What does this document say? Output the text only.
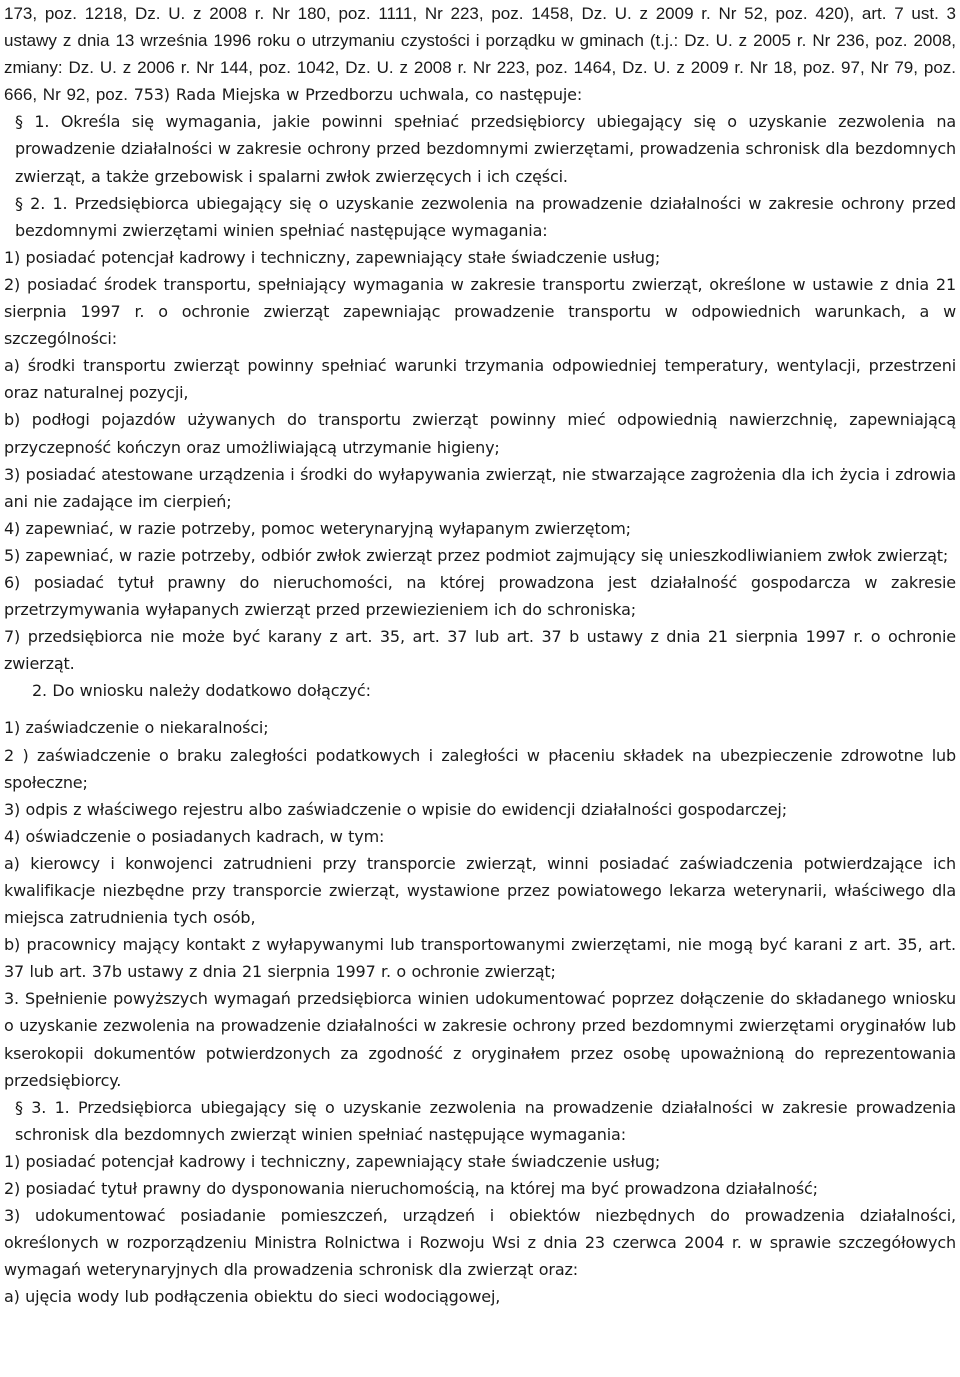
173, poz. 1218, Dz. U. z 2008 r. Nr 180, poz. 1111, Nr 223, poz. 1458, Dz. U. z 2009 r. Nr 52, poz. 420), art. 7 ust. 3 ustawy z dnia 13 września 1996 roku o utrzymaniu czystości i porządku w gminach (t.j.: Dz. U. z 2005 r. Nr 236, poz. 2008, zmiany: Dz. U. z 2006 r. Nr 144, poz. 1042, Dz. U. z 2008 r. Nr 223, poz. 1464, Dz. U. z 2009 r. Nr 18, poz. 97, Nr 79, poz. 666, Nr 92, poz. 753) Rada Miejska w Przedborzu uchwala, co następuje:

§ 1. Określa się wymagania, jakie powinni spełniać przedsiębiorcy ubiegający się o uzyskanie zezwolenia na prowadzenie działalności w zakresie ochrony przed bezdomnymi zwierzętami, prowadzenia schronisk dla bezdomnych zwierząt, a także grzebowisk i spalarni zwłok zwierzęcych i ich części.

§ 2. 1. Przedsiębiorca ubiegający się o uzyskanie zezwolenia na prowadzenie działalności w zakresie ochrony przed bezdomnymi zwierzętami winien spełniać następujące wymagania:

1) posiadać potencjał kadrowy i techniczny, zapewniający stałe świadczenie usług;

2) posiadać środek transportu, spełniający wymagania w zakresie transportu zwierząt, określone w ustawie z dnia 21 sierpnia 1997 r. o ochronie zwierząt zapewniając prowadzenie transportu w odpowiednich warunkach, a w szczególności:

a) środki transportu zwierząt powinny spełniać warunki trzymania odpowiedniej temperatury, wentylacji, przestrzeni oraz naturalnej pozycji,

b) podłogi pojazdów używanych do transportu zwierząt powinny mieć odpowiednią nawierzchnię, zapewniającą przyczepność kończyn oraz umożliwiającą utrzymanie higieny;

3) posiadać atestowane urządzenia i środki do wyłapywania zwierząt, nie stwarzające zagrożenia dla ich życia i zdrowia ani nie zadające im cierpień;

4) zapewniać, w razie potrzeby, pomoc weterynaryjną wyłapanym zwierzętom;

5) zapewniać, w razie potrzeby, odbiór zwłok zwierząt przez podmiot zajmujący się unieszkodliwianiem zwłok zwierząt;

6) posiadać tytuł prawny do nieruchomości, na której prowadzona jest działalność gospodarcza w zakresie przetrzymywania wyłapanych zwierząt przed przewiezieniem ich do schroniska;

7) przedsiębiorca nie może być karany z art. 35, art. 37 lub art. 37 b ustawy z dnia 21 sierpnia 1997 r. o ochronie zwierząt.

2. Do wniosku należy dodatkowo dołączyć:

1) zaświadczenie o niekaralności;

2 ) zaświadczenie o braku zaległości podatkowych i zaległości w płaceniu składek na ubezpieczenie zdrowotne lub społeczne;

3) odpis z właściwego rejestru albo zaświadczenie o wpisie do ewidencji działalności gospodarczej;

4) oświadczenie o posiadanych kadrach, w tym:

a) kierowcy i konwojenci zatrudnieni przy transporcie zwierząt, winni posiadać zaświadczenia potwierdzające ich kwalifikacje niezbędne przy transporcie zwierząt, wystawione przez powiatowego lekarza weterynarii, właściwego dla miejsca zatrudnienia tych osób,

b) pracownicy mający kontakt z wyłapywanymi lub transportowanymi zwierzętami, nie mogą być karani z art. 35, art. 37 lub art. 37b ustawy z dnia 21 sierpnia 1997 r. o ochronie zwierząt;

3. Spełnienie powyższych wymagań przedsiębiorca winien udokumentować poprzez dołączenie do składanego wniosku o uzyskanie zezwolenia na prowadzenie działalności w zakresie ochrony przed bezdomnymi zwierzętami oryginałów lub kserokopii dokumentów potwierdzonych za zgodność z oryginałem przez osobę upoważnioną do reprezentowania przedsiębiorcy.

§ 3. 1. Przedsiębiorca ubiegający się o uzyskanie zezwolenia na prowadzenie działalności w zakresie prowadzenia schronisk dla bezdomnych zwierząt winien spełniać następujące wymagania:

1) posiadać potencjał kadrowy i techniczny, zapewniający stałe świadczenie usług;

2) posiadać tytuł prawny do dysponowania nieruchomością, na której ma być prowadzona działalność;

3) udokumentować posiadanie pomieszczeń, urządzeń i obiektów niezbędnych do prowadzenia działalności, określonych w rozporządzeniu Ministra Rolnictwa i Rozwoju Wsi z dnia 23 czerwca 2004 r. w sprawie szczegółowych wymagań weterynaryjnych dla prowadzenia schronisk dla zwierząt oraz:

a) ujęcia wody lub podłączenia obiektu do sieci wodociągowej,
